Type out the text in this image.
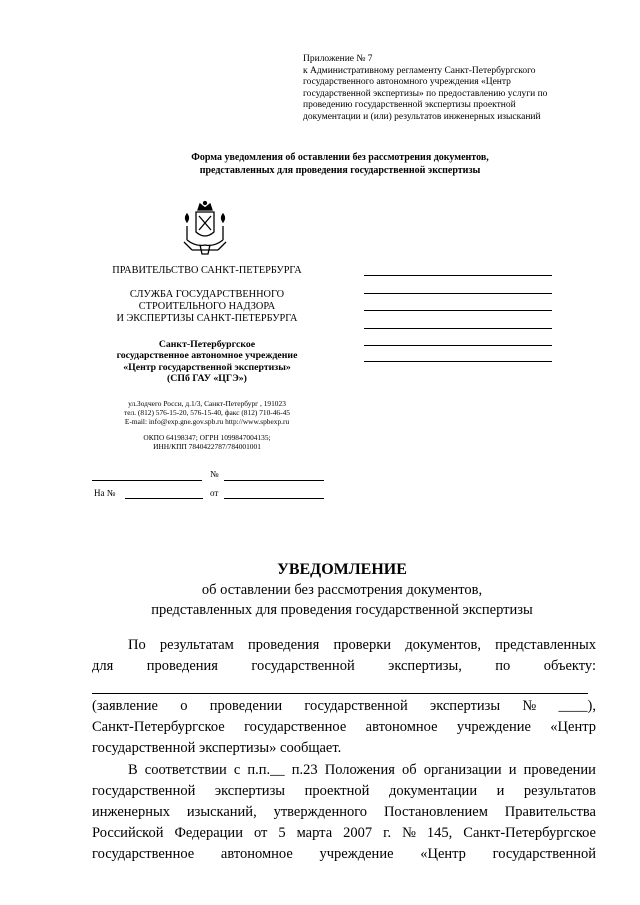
Приложение № 7
к Административному регламенту Санкт-Петербургского
государственного автономного учреждения «Центр
государственной экспертизы» по предоставлению услуги по
проведению государственной экспертизы проектной
документации и (или) результатов инженерных изысканий
Форма уведомления об оставлении без рассмотрения документов,
представленных для проведения государственной экспертизы
ПРАВИТЕЛЬСТВО САНКТ-ПЕТЕРБУРГА
СЛУЖБА ГОСУДАРСТВЕННОГО
СТРОИТЕЛЬНОГО НАДЗОРА
И ЭКСПЕРТИЗЫ САНКТ-ПЕТЕРБУРГА
Санкт-Петербургское
государственное автономное учреждение
«Центр государственной экспертизы»
(СПб ГАУ «ЦГЭ»)
ул.Зодчего Росси, д.1/3, Санкт-Петербург , 191023
тел. (812) 576-15-20, 576-15-40, факс (812) 710-46-45
E-mail: info@exp.gne.gov.spb.ru http://www.spbexp.ru
ОКПО 64198347; ОГРН 1099847004135;
ИНН/КПП 7840422787/784001001
№
На №	от
УВЕДОМЛЕНИЕ
об оставлении без рассмотрения документов,
представленных для проведения государственной экспертизы
По результатам проведения проверки документов, представленных
для проведения государственной экспертизы, по объекту:
(заявление о проведении государственной экспертизы № ____),
Санкт-Петербургское государственное автономное учреждение «Центр
государственной экспертизы» сообщает.
В соответствии с п.п.__ п.23 Положения об организации и проведении
государственной экспертизы проектной документации и результатов
инженерных изысканий, утвержденного Постановлением Правительства
Российской Федерации от 5 марта 2007 г. № 145, Санкт-Петербургское
государственное автономное учреждение «Центр государственной
